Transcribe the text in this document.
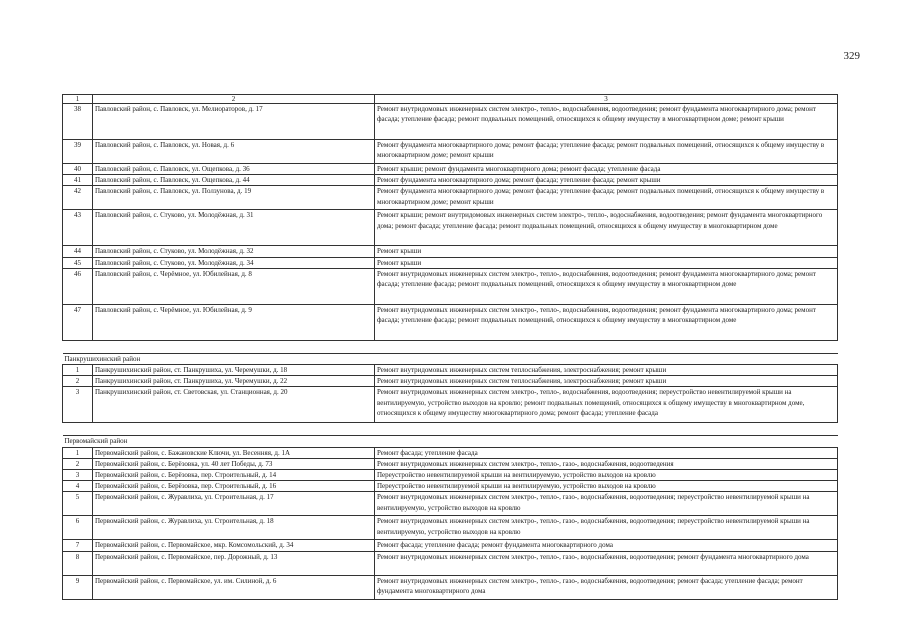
329
1	2	3
38	Павловский район, с. Павловск, ул. Мелиораторов, д. 17	Ремонт внутридомовых инженерных систем электро-, тепло-, водоснабжения, водоотведения; ремонт фундамента многоквартирного дома; ремонт фасада; утепление фасада; ремонт подвальных помещений, относящихся к общему имуществу в многоквартирном доме; ремонт крыши
39	Павловский район, с. Павловск, ул. Новая, д. 6	Ремонт фундамента многоквартирного дома; ремонт фасада; утепление фасада; ремонт подвальных помещений, относящихся к общему имуществу в многоквартирном доме; ремонт крыши
40	Павловский район, с. Павловск, ул. Ощепкова, д. 36	Ремонт крыши; ремонт фундамента многоквартирного дома; ремонт фасада; утепление фасада
41	Павловский район, с. Павловск, ул. Ощепкова, д. 44	Ремонт фундамента многоквартирного дома; ремонт фасада; утепление фасада; ремонт крыши
42	Павловский район, с. Павловск, ул. Ползунова, д. 19	Ремонт фундамента многоквартирного дома; ремонт фасада; утепление фасада; ремонт подвальных помещений, относящихся к общему имуществу в многоквартирном доме; ремонт крыши
43	Павловский район, с. Стуково, ул. Молодёжная, д. 31	Ремонт крыши; ремонт внутридомовых инженерных систем электро-, тепло-, водоснабжения, водоотведения; ремонт фундамента многоквартирного дома; ремонт фасада; утепление фасада; ремонт подвальных помещений, относящихся к общему имуществу в многоквартирном доме
44	Павловский район, с. Стуково, ул. Молодёжная, д. 32	Ремонт крыши
45	Павловский район, с. Стуково, ул. Молодёжная, д. 34	Ремонт крыши
46	Павловский район, с. Черёмное, ул. Юбилейная, д. 8	Ремонт внутридомовых инженерных систем электро-, тепло-, водоснабжения, водоотведения; ремонт фундамента многоквартирного дома; ремонт фасада; утепление фасада; ремонт подвальных помещений, относящихся к общему имуществу в многоквартирном доме
47	Павловский район, с. Черёмное, ул. Юбилейная, д. 9	Ремонт внутридомовых инженерных систем электро-, тепло-, водоснабжения, водоотведения; ремонт фундамента многоквартирного дома; ремонт фасада; утепление фасада; ремонт подвальных помещений, относящихся к общему имуществу в многоквартирном доме

Панкрушихинский район		
1	Панкрушихинский район, ст. Панкрушиха, ул. Черемушки, д. 18	Ремонт внутридомовых инженерных систем теплоснабжения, электроснабжения; ремонт крыши
2	Панкрушихинский район, ст. Панкрушиха, ул. Черемушки, д. 22	Ремонт внутридомовых инженерных систем теплоснабжения, электроснабжения; ремонт крыши
3	Панкрушихинский район, ст. Световская, ул. Станционная, д. 20	Ремонт внутридомовых инженерных систем электро-, тепло-, водоснабжения, водоотведения; переустройство невентилируемой крыши на вентилируемую, устройство выходов на кровлю; ремонт подвальных помещений, относящихся к общему имуществу в многоквартирном доме, относящихся к общему имуществу многоквартирного дома; ремонт фасада; утепление фасада

Первомайский район		
1	Первомайский район, с. Бажановские Ключи, ул. Весенняя, д. 1А	Ремонт фасада; утепление фасада
2	Первомайский район, с. Берёзовка, ул. 40 лет Победы, д. 73	Ремонт внутридомовых инженерных систем электро-, тепло-, газо-, водоснабжения, водоотведения
3	Первомайский район, с. Берёзовка, пер. Строительный, д. 14	Переустройство невентилируемой крыши на вентилируемую, устройство выходов на кровлю
4	Первомайский район, с. Берёзовка, пер. Строительный, д. 16	Переустройство невентилируемой крыши на вентилируемую, устройство выходов на кровлю
5	Первомайский район, с. Журавлиха, ул. Строительная, д. 17	Ремонт внутридомовых инженерных систем электро-, тепло-, газо-, водоснабжения, водоотведения; переустройство невентилируемой крыши на вентилируемую, устройство выходов на кровлю
6	Первомайский район, с. Журавлиха, ул. Строительная, д. 18	Ремонт внутридомовых инженерных систем электро-, тепло-, газо-, водоснабжения, водоотведения; переустройство невентилируемой крыши на вентилируемую, устройство выходов на кровлю
7	Первомайский район, с. Первомайское, мкр. Комсомольский, д. 34	Ремонт фасада; утепление фасада; ремонт фундамента многоквартирного дома
8	Первомайский район, с. Первомайское, пер. Дорожный, д. 13	Ремонт внутридомовых инженерных систем электро-, тепло-, газо-, водоснабжения, водоотведения; ремонт фундамента многоквартирного дома
9	Первомайский район, с. Первомайское, ул. им. Силиной, д. 6	Ремонт внутридомовых инженерных систем электро-, тепло-, газо-, водоснабжения, водоотведения; ремонт фасада; утепление фасада; ремонт фундамента многоквартирного дома
